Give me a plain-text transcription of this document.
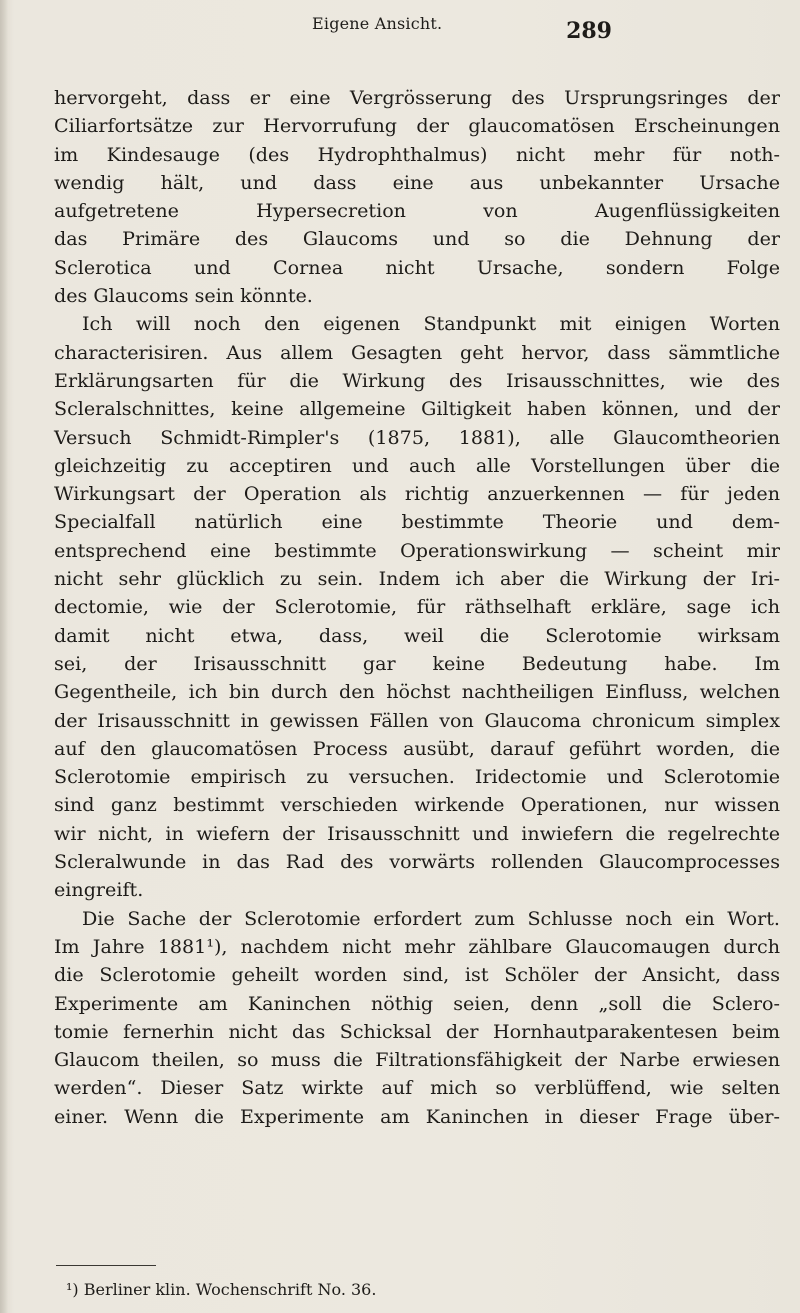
Eigene Ansicht.	289
hervorgeht, dass er eine Vergrösserung des Ursprungsringes der
Ciliarfortsätze zur Hervorrufung der glaucomatösen Erscheinungen
im Kindesauge (des Hydrophthalmus) nicht mehr für noth-
wendig hält, und dass eine aus unbekannter Ursache
aufgetretene Hypersecretion von Augenflüssigkeiten
das Primäre des Glaucoms und so die Dehnung der
Sclerotica und Cornea nicht Ursache, sondern Folge
des Glaucoms sein könnte.
Ich will noch den eigenen Standpunkt mit einigen Worten
characterisiren. Aus allem Gesagten geht hervor, dass sämmtliche
Erklärungsarten für die Wirkung des Irisausschnittes, wie des
Scleralschnittes, keine allgemeine Giltigkeit haben können, und der
Versuch Schmidt-Rimpler's (1875, 1881), alle Glaucomtheorien
gleichzeitig zu acceptiren und auch alle Vorstellungen über die
Wirkungsart der Operation als richtig anzuerkennen — für jeden
Specialfall natürlich eine bestimmte Theorie und dem-
entsprechend eine bestimmte Operationswirkung — scheint mir
nicht sehr glücklich zu sein. Indem ich aber die Wirkung der Iri-
dectomie, wie der Sclerotomie, für räthselhaft erkläre, sage ich
damit nicht etwa, dass, weil die Sclerotomie wirksam
sei, der Irisausschnitt gar keine Bedeutung habe. Im
Gegentheile, ich bin durch den höchst nachtheiligen Einfluss, welchen
der Irisausschnitt in gewissen Fällen von Glaucoma chronicum simplex
auf den glaucomatösen Process ausübt, darauf geführt worden, die
Sclerotomie empirisch zu versuchen. Iridectomie und Sclerotomie
sind ganz bestimmt verschieden wirkende Operationen, nur wissen
wir nicht, in wiefern der Irisausschnitt und inwiefern die regelrechte
Scleralwunde in das Rad des vorwärts rollenden Glaucomprocesses
eingreift.
Die Sache der Sclerotomie erfordert zum Schlusse noch ein Wort.
Im Jahre 1881¹), nachdem nicht mehr zählbare Glaucomaugen durch
die Sclerotomie geheilt worden sind, ist Schöler der Ansicht, dass
Experimente am Kaninchen nöthig seien, denn „soll die Sclero-
tomie fernerhin nicht das Schicksal der Hornhautparakentesen beim
Glaucom theilen, so muss die Filtrationsfähigkeit der Narbe erwiesen
werden“. Dieser Satz wirkte auf mich so verblüffend, wie selten
einer. Wenn die Experimente am Kaninchen in dieser Frage über-
¹) Berliner klin. Wochenschrift No. 36.
